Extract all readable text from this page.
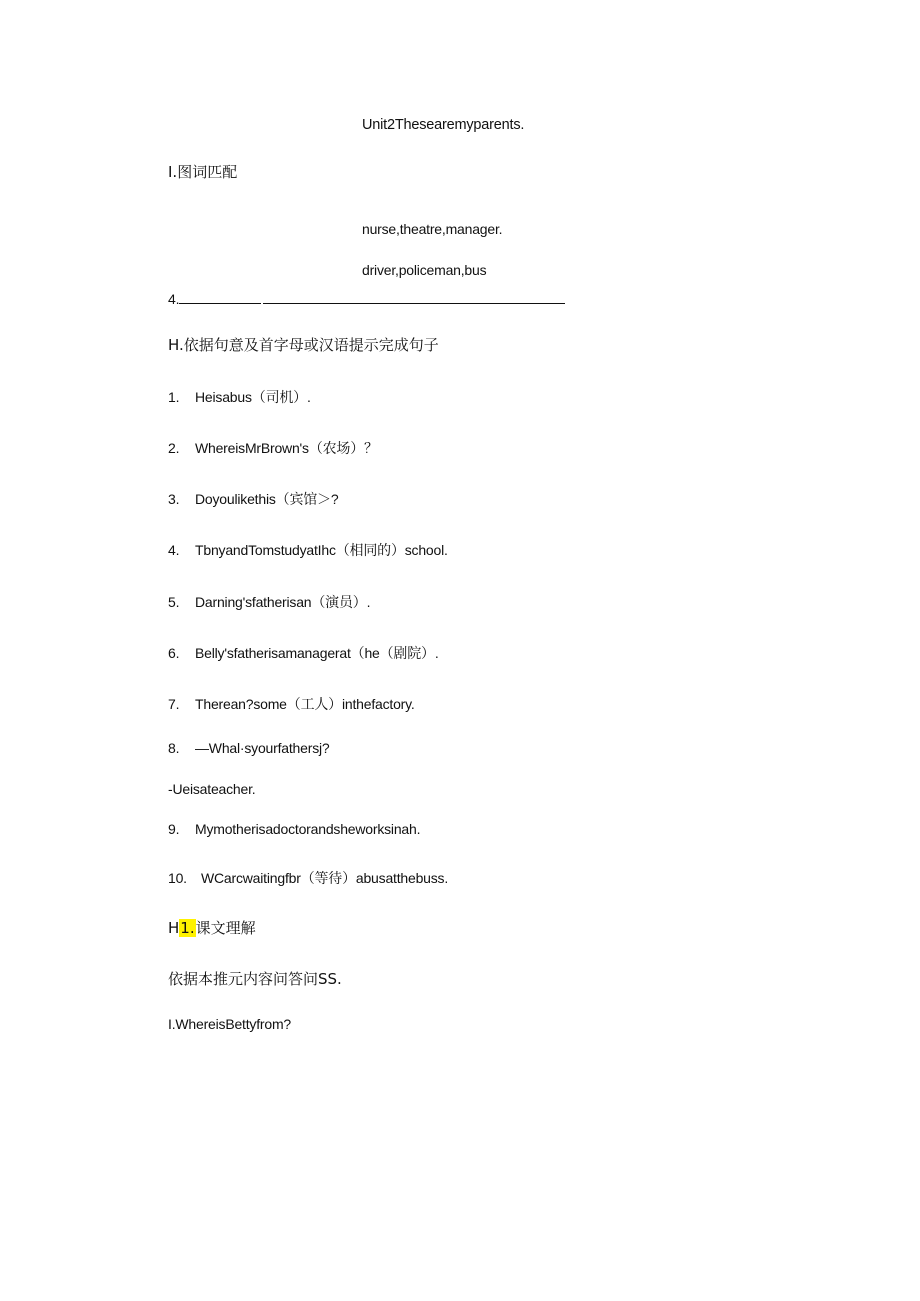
Unit2Thesearemyparents.
I.图词匹配
nurse,theatre,manager.
driver,policeman,bus
4.
H.依据句意及首字母或汉语提示完成句子
1. Heisabus（司机）.
2. WhereisMrBrown's（农场）？
3. Doyoulikethis（宾馆＞?
4. TbnyandTomstudyatIhc（相同的）school.
5. Darning'sfatherisan（演员）.
6. Belly'sfatherisamanagerat（he（剧院）.
7. Therean?some（工人）inthefactory.
8. —Whal·syourfathersj?
-Ueisateacher.
9. Mymotherisadoctorandsheworksinah.
10. WCarcwaitingfbr（等待）abusatthebuss.
H1.课文理解
依据本推元内容问答问SS.
I.WhereisBettyfrom?
